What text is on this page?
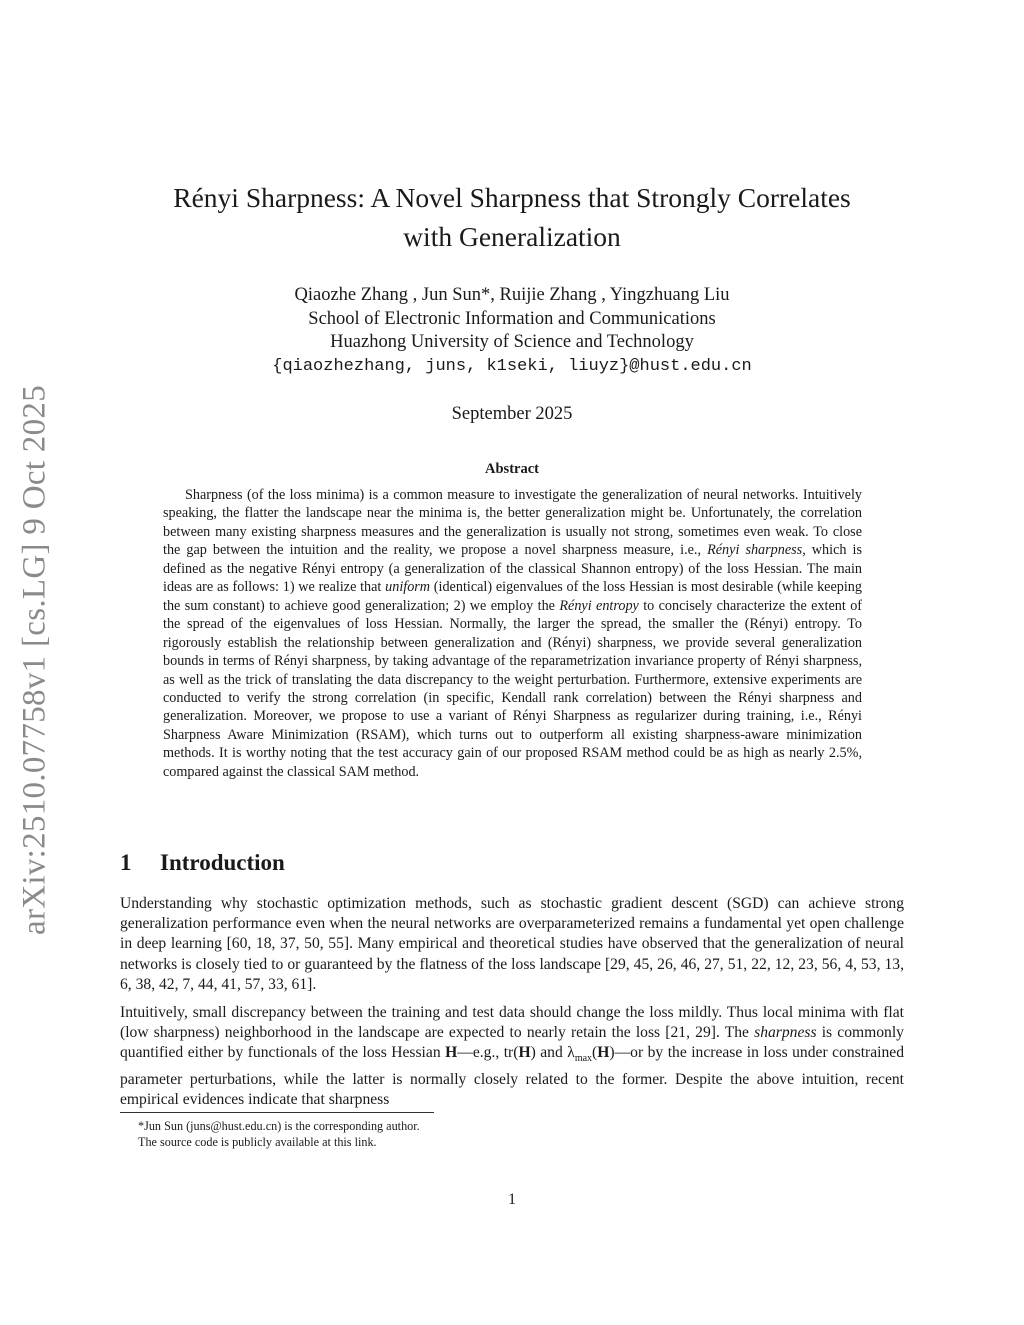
arXiv:2510.07758v1 [cs.LG] 9 Oct 2025
Rényi Sharpness: A Novel Sharpness that Strongly Correlates
with Generalization
Qiaozhe Zhang , Jun Sun*, Ruijie Zhang , Yingzhuang Liu
School of Electronic Information and Communications
Huazhong University of Science and Technology
{qiaozhezhang, juns, k1seki, liuyz}@hust.edu.cn
September 2025
Abstract

Sharpness (of the loss minima) is a common measure to investigate the generalization of neural networks. Intuitively speaking, the flatter the landscape near the minima is, the better generalization might be. Unfortunately, the correlation between many existing sharpness measures and the generalization is usually not strong, sometimes even weak. To close the gap between the intuition and the reality, we propose a novel sharpness measure, i.e., Rényi sharpness, which is defined as the negative Rényi entropy (a generalization of the classical Shannon entropy) of the loss Hessian. The main ideas are as follows: 1) we realize that uniform (identical) eigenvalues of the loss Hessian is most desirable (while keeping the sum constant) to achieve good generalization; 2) we employ the Rényi entropy to concisely characterize the extent of the spread of the eigenvalues of loss Hessian. Normally, the larger the spread, the smaller the (Rényi) entropy. To rigorously establish the relationship between generalization and (Rényi) sharpness, we provide several generalization bounds in terms of Rényi sharpness, by taking advantage of the reparametrization invariance property of Rényi sharpness, as well as the trick of translating the data discrepancy to the weight perturbation. Furthermore, extensive experiments are conducted to verify the strong correlation (in specific, Kendall rank correlation) between the Rényi sharpness and generalization. Moreover, we propose to use a variant of Rényi Sharpness as regularizer during training, i.e., Rényi Sharpness Aware Minimization (RSAM), which turns out to outperform all existing sharpness-aware minimization methods. It is worthy noting that the test accuracy gain of our proposed RSAM method could be as high as nearly 2.5%, compared against the classical SAM method.

1 Introduction

Understanding why stochastic optimization methods, such as stochastic gradient descent (SGD) can achieve strong generalization performance even when the neural networks are overparameterized remains a fundamental yet open challenge in deep learning [60, 18, 37, 50, 55]. Many empirical and theoretical studies have observed that the generalization of neural networks is closely tied to or guaranteed by the flatness of the loss landscape [29, 45, 26, 46, 27, 51, 22, 12, 23, 56, 4, 53, 13, 6, 38, 42, 7, 44, 41, 57, 33, 61].

Intuitively, small discrepancy between the training and test data should change the loss mildly. Thus local minima with flat (low sharpness) neighborhood in the landscape are expected to nearly retain the loss [21, 29]. The sharpness is commonly quantified either by functionals of the loss Hessian H—e.g., tr(H) and $\lambda_{max}(H)—or$ by the increase in loss under constrained parameter perturbations, while the latter is normally closely related to the former. Despite the above intuition, recent empirical evidences indicate that sharpness

*Jun Sun (juns@hust.edu.cn) is the corresponding author.
The source code is publicly available at this link.
1
